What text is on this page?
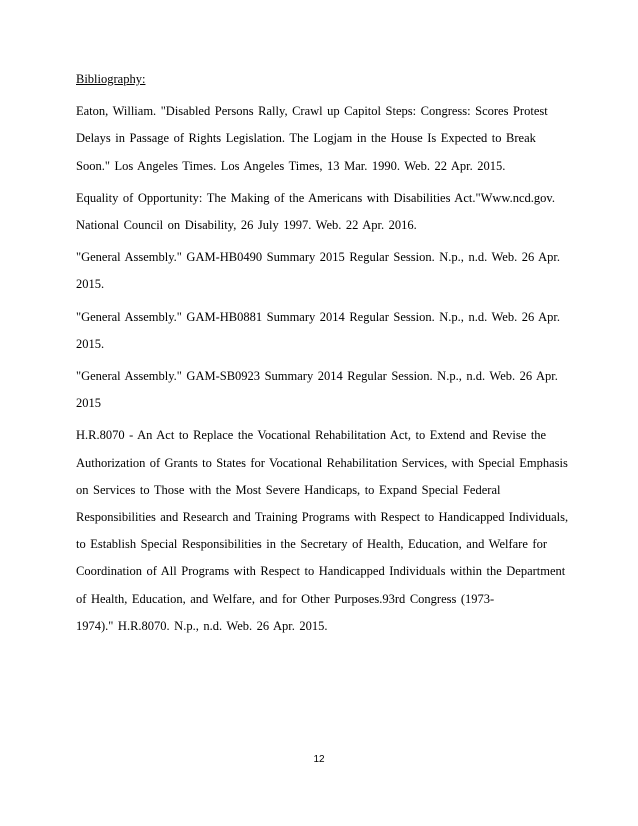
Bibliography:
Eaton, William. "Disabled Persons Rally, Crawl up Capitol Steps: Congress: Scores Protest
Delays in Passage of Rights Legislation. The Logjam in the House Is Expected to Break
Soon." Los Angeles Times. Los Angeles Times, 13 Mar. 1990. Web. 22 Apr. 2015.
Equality of Opportunity: The Making of the Americans with Disabilities Act."Www.ncd.gov.
National Council on Disability, 26 July 1997. Web. 22 Apr. 2016.
"General Assembly." GAM-HB0490 Summary 2015 Regular Session. N.p., n.d. Web. 26 Apr.
2015.
"General Assembly." GAM-HB0881 Summary 2014 Regular Session. N.p., n.d. Web. 26 Apr.
2015.
"General Assembly." GAM-SB0923 Summary 2014 Regular Session. N.p., n.d. Web. 26 Apr.
2015
H.R.8070 - An Act to Replace the Vocational Rehabilitation Act, to Extend and Revise the
Authorization of Grants to States for Vocational Rehabilitation Services, with Special Emphasis
on Services to Those with the Most Severe Handicaps, to Expand Special Federal
Responsibilities and Research and Training Programs with Respect to Handicapped Individuals,
to Establish Special Responsibilities in the Secretary of Health, Education, and Welfare for
Coordination of All Programs with Respect to Handicapped Individuals within the Department
of Health, Education, and Welfare, and for Other Purposes.93rd Congress (1973-
1974)." H.R.8070. N.p., n.d. Web. 26 Apr. 2015.
12
